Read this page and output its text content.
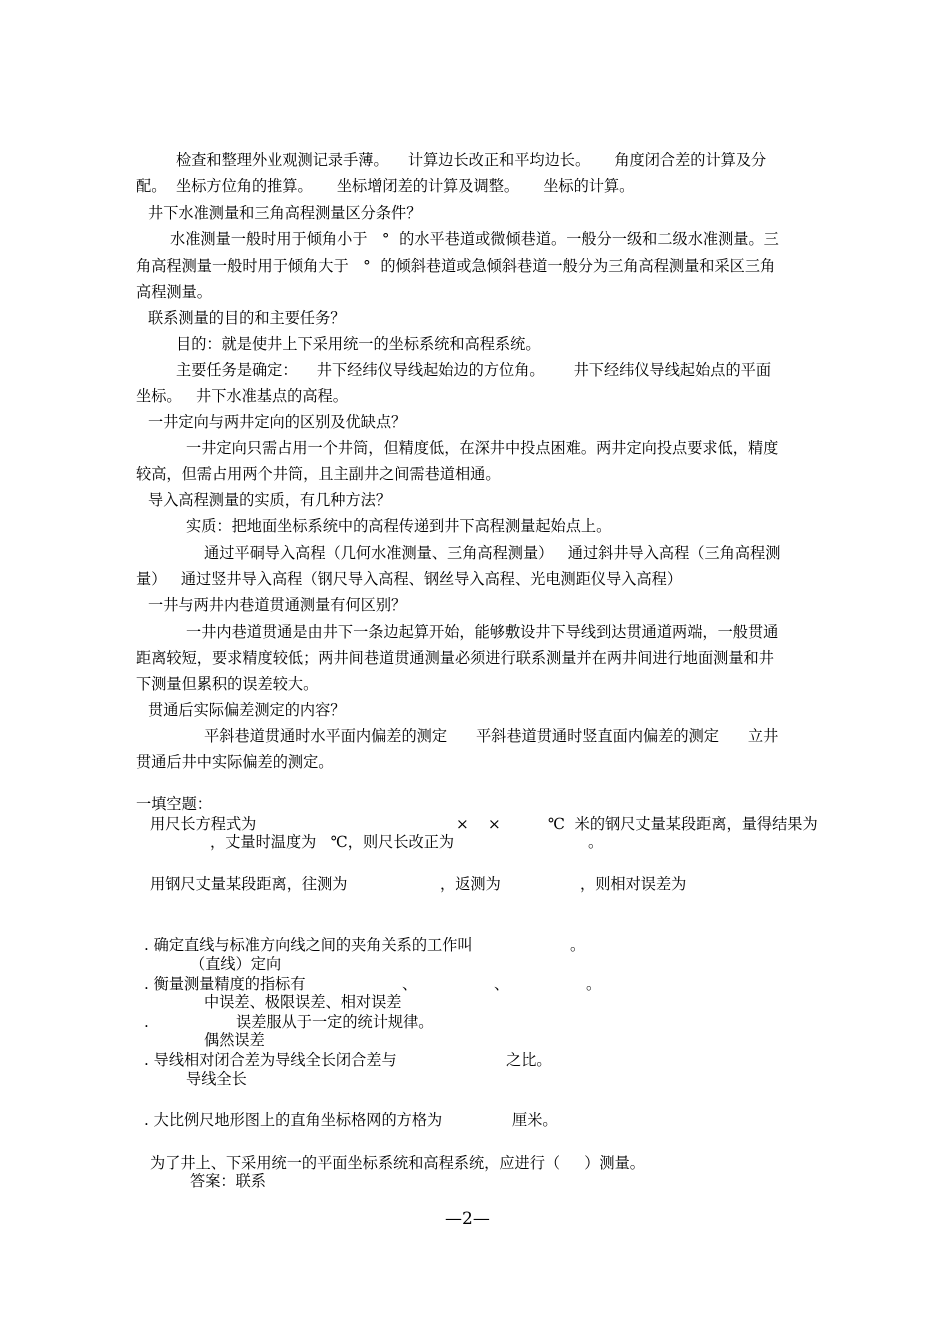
检查和整理外业观测记录手薄。    计算边长改正和平均边长。     角度闭合差的计算及分
配。  坐标方位角的推算。     坐标增闭差的计算及调整。     坐标的计算。
井下水准测量和三角高程测量区分条件？
水准测量一般时用于倾角小于   °  的水平巷道或微倾巷道。一般分一级和二级水准测量。三
角高程测量一般时用于倾角大于   °  的倾斜巷道或急倾斜巷道一般分为三角高程测量和采区三角
高程测量。
联系测量的目的和主要任务？
目的：就是使井上下采用统一的坐标系统和高程系统。
主要任务是确定：    井下经纬仪导线起始边的方位角。      井下经纬仪导线起始点的平面
坐标。   井下水准基点的高程。
一井定向与两井定向的区别及优缺点？
一井定向只需占用一个井筒，但精度低，在深井中投点困难。两井定向投点要求低，精度
较高，但需占用两个井筒，且主副井之间需巷道相通。
导入高程测量的实质，有几种方法？
实质：把地面坐标系统中的高程传递到井下高程测量起始点上。
通过平硐导入高程（几何水准测量、三角高程测量）   通过斜井导入高程（三角高程测
量）   通过竖井导入高程（钢尺导入高程、钢丝导入高程、光电测距仪导入高程）
一井与两井内巷道贯通测量有何区别？
一井内巷道贯通是由井下一条边起算开始，能够敷设井下导线到达贯通道两端，一般贯通
距离较短，要求精度较低；两井间巷道贯通测量必须进行联系测量并在两井间进行地面测量和井
下测量但累积的误差较大。
贯通后实际偏差测定的内容？
平斜巷道贯通时水平面内偏差的测定      平斜巷道贯通时竖直面内偏差的测定      立井
贯通后井中实际偏差的测定。
一填空题：
用尺长方程式为	×    ×	℃  米的钢尺丈量某段距离，量得结果为
，丈量时温度为   ℃，则尺长改正为	。
用钢尺丈量某段距离，往测为	，返测为	，则相对误差为
. 确定直线与标准方向线之间的夹角关系的工作叫	。
（直线）定向
. 衡量测量精度的指标有	、	、	。
中误差、极限误差、相对误差
.	误差服从于一定的统计规律。
偶然误差
. 导线相对闭合差为导线全长闭合差与	之比。
导线全长
. 大比例尺地形图上的直角坐标格网的方格为	厘米。
为了井上、下采用统一的平面坐标系统和高程系统，应进行（     ）测量。
答案：联系
—2—
